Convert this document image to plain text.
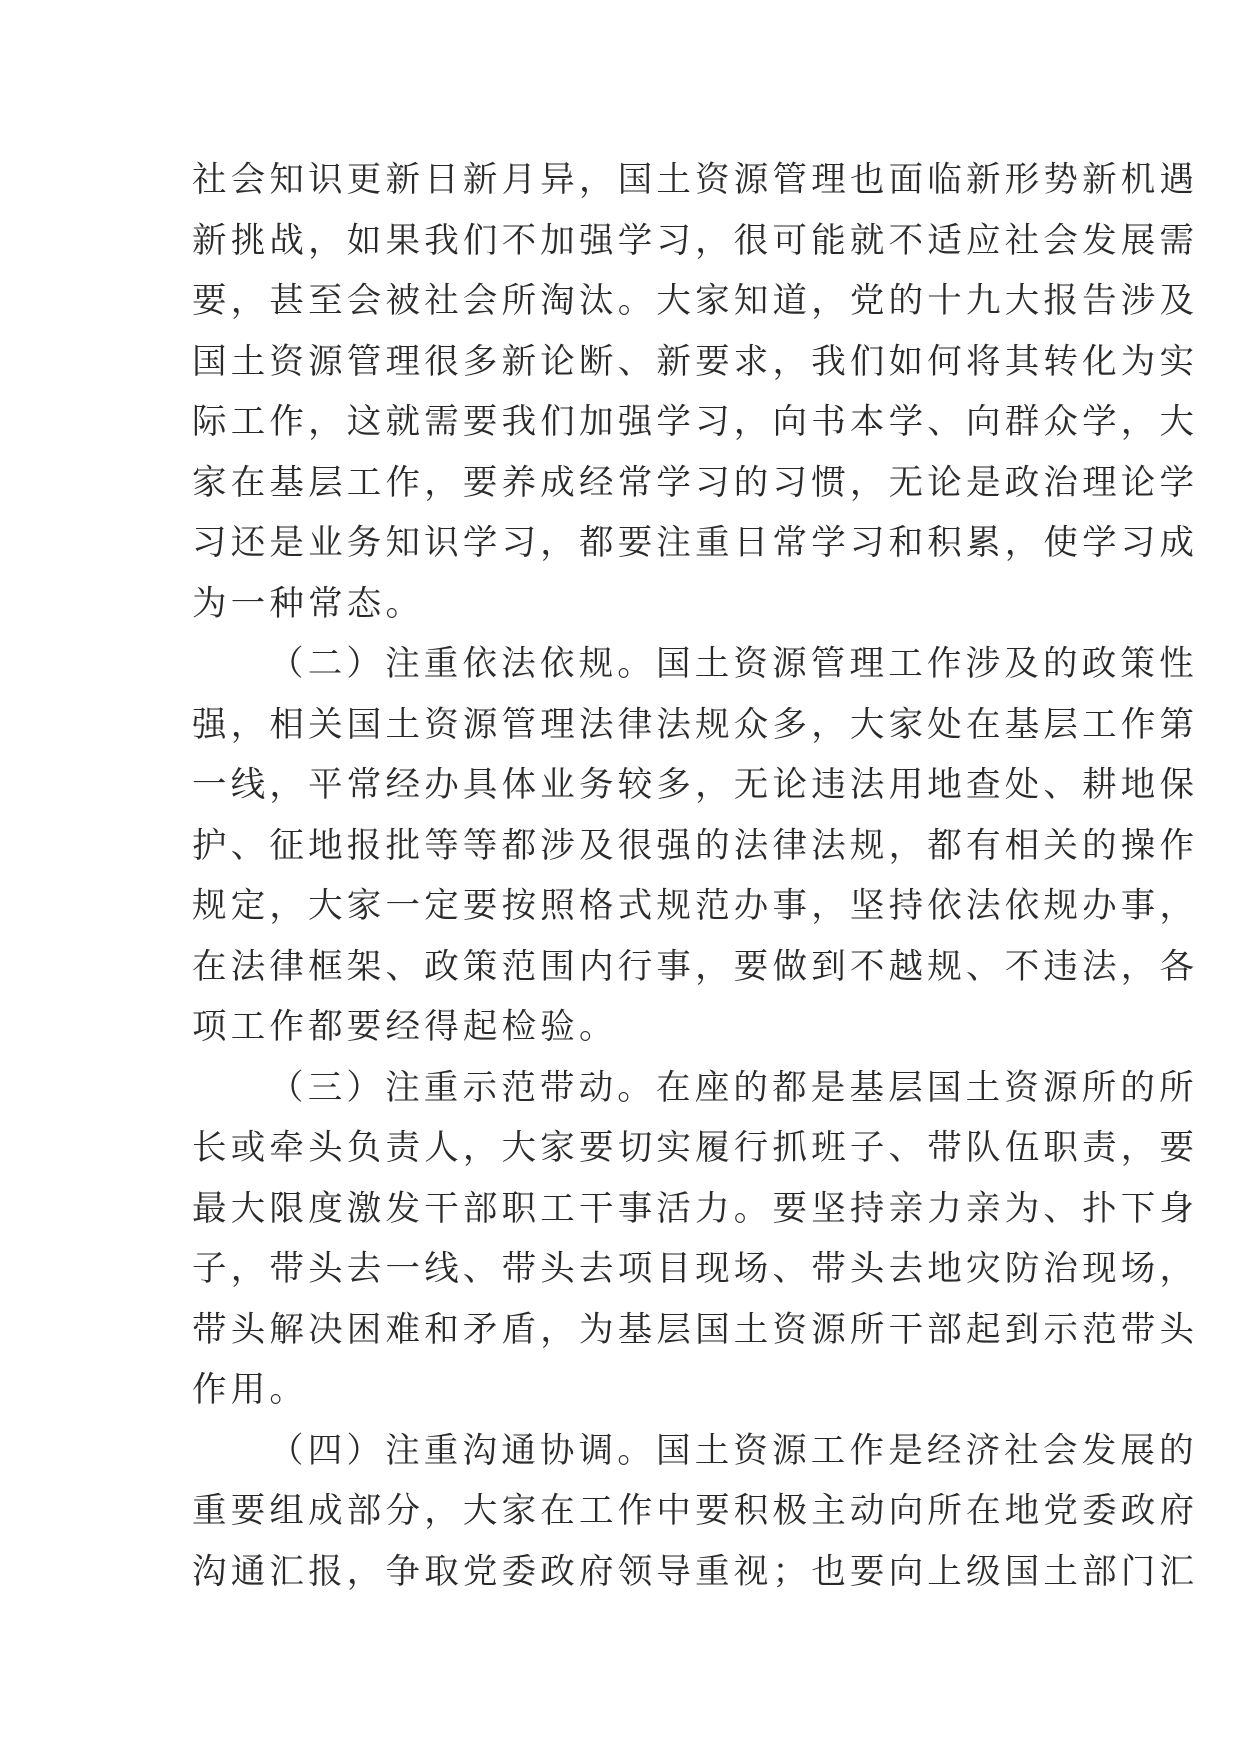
社会知识更新日新月异，国土资源管理也面临新形势新机遇
新挑战，如果我们不加强学习，很可能就不适应社会发展需
要，甚至会被社会所淘汰。大家知道，党的十九大报告涉及
国土资源管理很多新论断、新要求，我们如何将其转化为实
际工作，这就需要我们加强学习，向书本学、向群众学，大
家在基层工作，要养成经常学习的习惯，无论是政治理论学
习还是业务知识学习，都要注重日常学习和积累，使学习成
为一种常态。
（二）注重依法依规。国土资源管理工作涉及的政策性
强，相关国土资源管理法律法规众多，大家处在基层工作第
一线，平常经办具体业务较多，无论违法用地查处、耕地保
护、征地报批等等都涉及很强的法律法规，都有相关的操作
规定，大家一定要按照格式规范办事，坚持依法依规办事，
在法律框架、政策范围内行事，要做到不越规、不违法，各
项工作都要经得起检验。
（三）注重示范带动。在座的都是基层国土资源所的所
长或牵头负责人，大家要切实履行抓班子、带队伍职责，要
最大限度激发干部职工干事活力。要坚持亲力亲为、扑下身
子，带头去一线、带头去项目现场、带头去地灾防治现场，
带头解决困难和矛盾，为基层国土资源所干部起到示范带头
作用。
（四）注重沟通协调。国土资源工作是经济社会发展的
重要组成部分，大家在工作中要积极主动向所在地党委政府
沟通汇报，争取党委政府领导重视；也要向上级国土部门汇
